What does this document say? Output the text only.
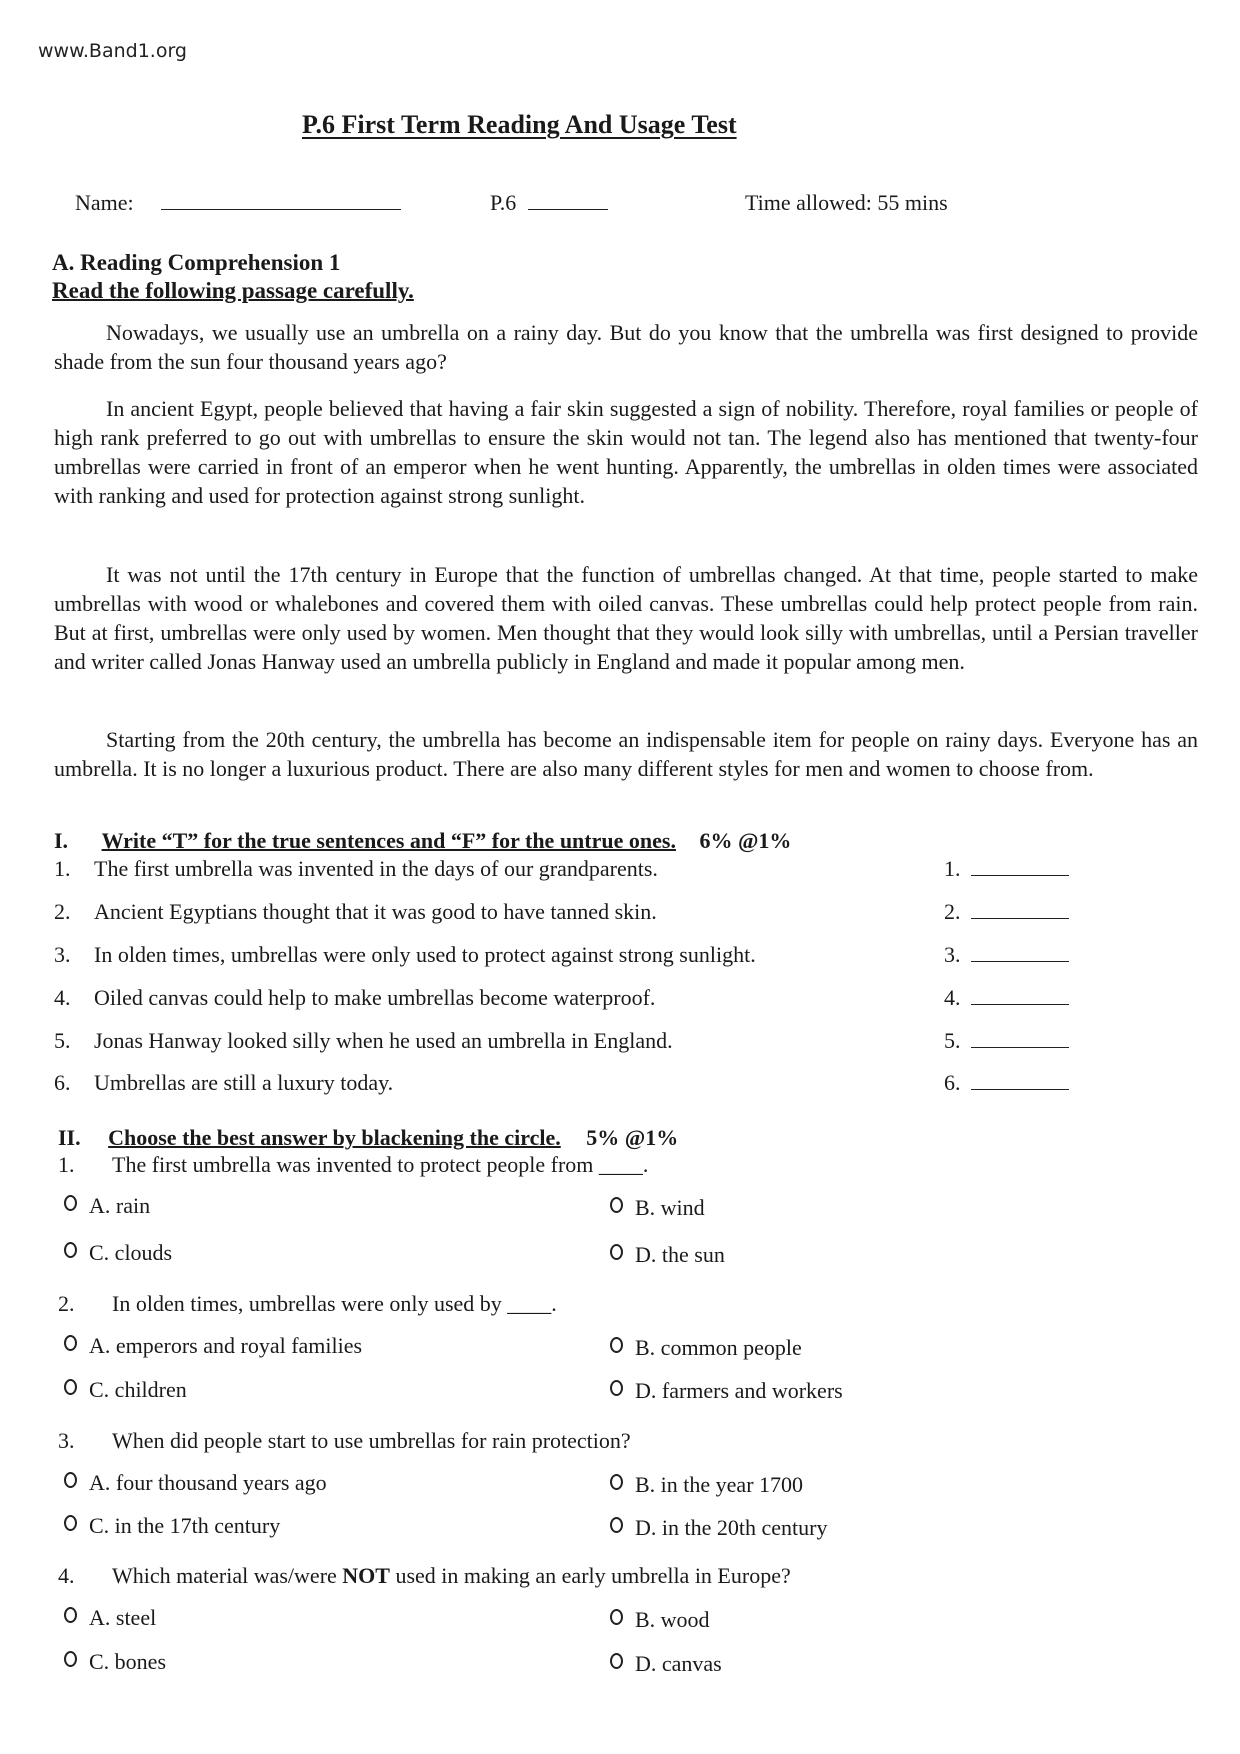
www.Band1.org
P.6 First Term Reading And Usage Test
Name:	P.6	Time allowed: 55 mins
A. Reading Comprehension 1
Read the following passage carefully.
Nowadays, we usually use an umbrella on a rainy day. But do you know that the umbrella was first designed to provide shade from the sun four thousand years ago?
In ancient Egypt, people believed that having a fair skin suggested a sign of nobility. Therefore, royal families or people of high rank preferred to go out with umbrellas to ensure the skin would not tan. The legend also has mentioned that twenty-four umbrellas were carried in front of an emperor when he went hunting. Apparently, the umbrellas in olden times were associated with ranking and used for protection against strong sunlight.
It was not until the 17th century in Europe that the function of umbrellas changed. At that time, people started to make umbrellas with wood or whalebones and covered them with oiled canvas. These umbrellas could help protect people from rain. But at first, umbrellas were only used by women. Men thought that they would look silly with umbrellas, until a Persian traveller and writer called Jonas Hanway used an umbrella publicly in England and made it popular among men.
Starting from the 20th century, the umbrella has become an indispensable item for people on rainy days. Everyone has an umbrella. It is no longer a luxurious product. There are also many different styles for men and women to choose from.
I. Write “T” for the true sentences and “F” for the untrue ones. 6% @1%
1. The first umbrella was invented in the days of our grandparents.	1.
2. Ancient Egyptians thought that it was good to have tanned skin.	2.
3. In olden times, umbrellas were only used to protect against strong sunlight.	3.
4. Oiled canvas could help to make umbrellas become waterproof.	4.
5. Jonas Hanway looked silly when he used an umbrella in England.	5.
6. Umbrellas are still a luxury today.	6.
II. Choose the best answer by blackening the circle. 5% @1%
1. The first umbrella was invented to protect people from ____.
A. rain	B. wind
C. clouds	D. the sun
2. In olden times, umbrellas were only used by ____.
A. emperors and royal families	B. common people
C. children	D. farmers and workers
3. When did people start to use umbrellas for rain protection?
A. four thousand years ago	B. in the year 1700
C. in the 17th century	D. in the 20th century
4. Which material was/were NOT used in making an early umbrella in Europe?
A. steel	B. wood
C. bones	D. canvas
